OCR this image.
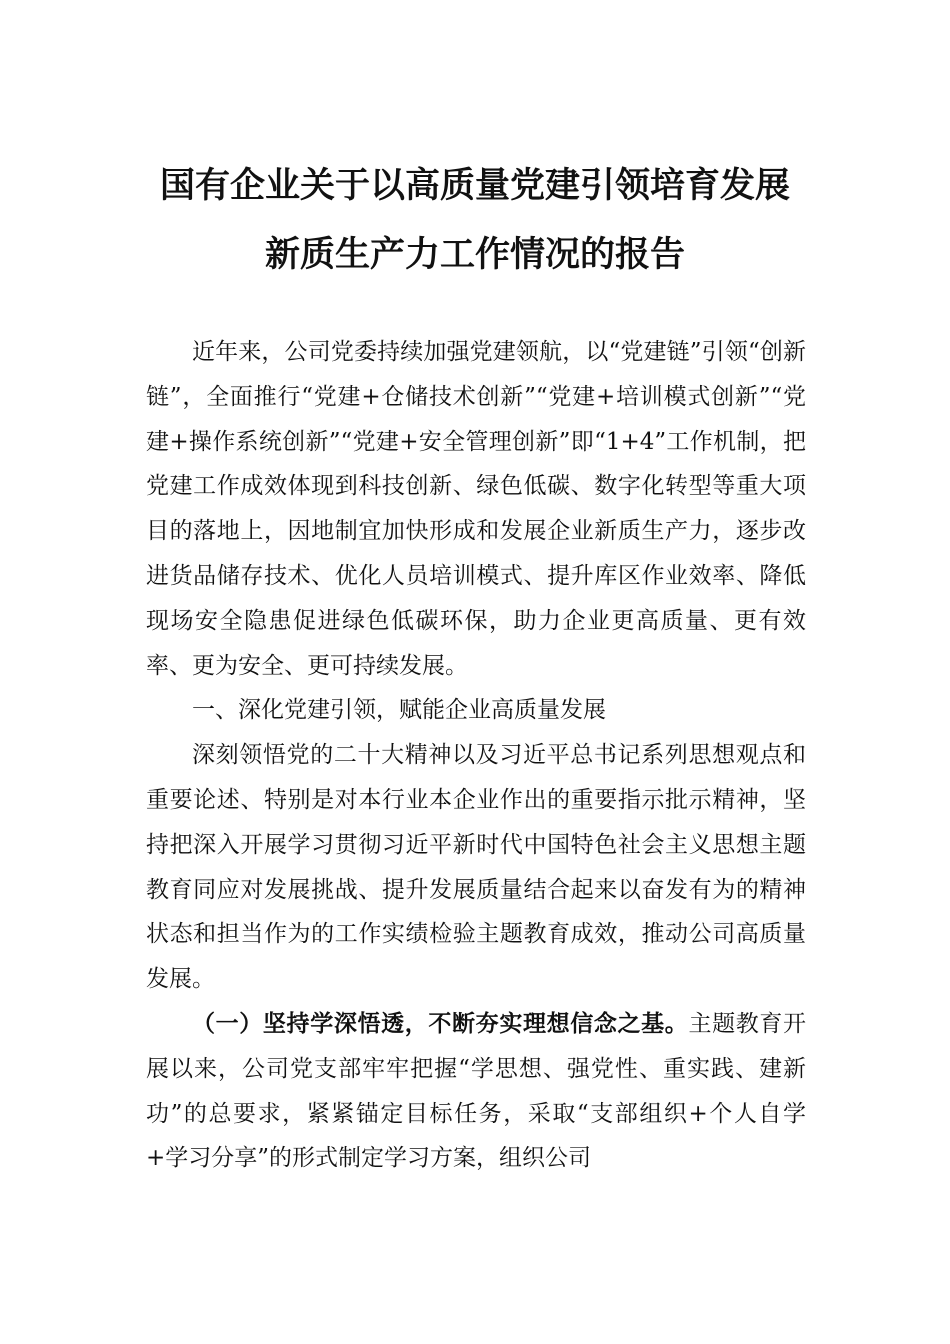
国有企业关于以高质量党建引领培育发展
新质生产力工作情况的报告

近年来，公司党委持续加强党建领航，以“党建链”引领“创新链”，全面推行“党建+仓储技术创新”“党建+培训模式创新”“党建+操作系统创新”“党建+安全管理创新”即“1+4”工作机制，把党建工作成效体现到科技创新、绿色低碳、数字化转型等重大项目的落地上，因地制宜加快形成和发展企业新质生产力，逐步改进货品储存技术、优化人员培训模式、提升库区作业效率、降低现场安全隐患促进绿色低碳环保，助力企业更高质量、更有效率、更为安全、更可持续发展。

一、深化党建引领，赋能企业高质量发展

深刻领悟党的二十大精神以及习近平总书记系列思想观点和重要论述、特别是对本行业本企业作出的重要指示批示精神，坚持把深入开展学习贯彻习近平新时代中国特色社会主义思想主题教育同应对发展挑战、提升发展质量结合起来以奋发有为的精神状态和担当作为的工作实绩检验主题教育成效，推动公司高质量发展。

（一）坚持学深悟透，不断夯实理想信念之基。主题教育开展以来，公司党支部牢牢把握“学思想、强党性、重实践、建新功”的总要求，紧紧锚定目标任务，采取“支部组织+个人自学+学习分享”的形式制定学习方案，组织公司
